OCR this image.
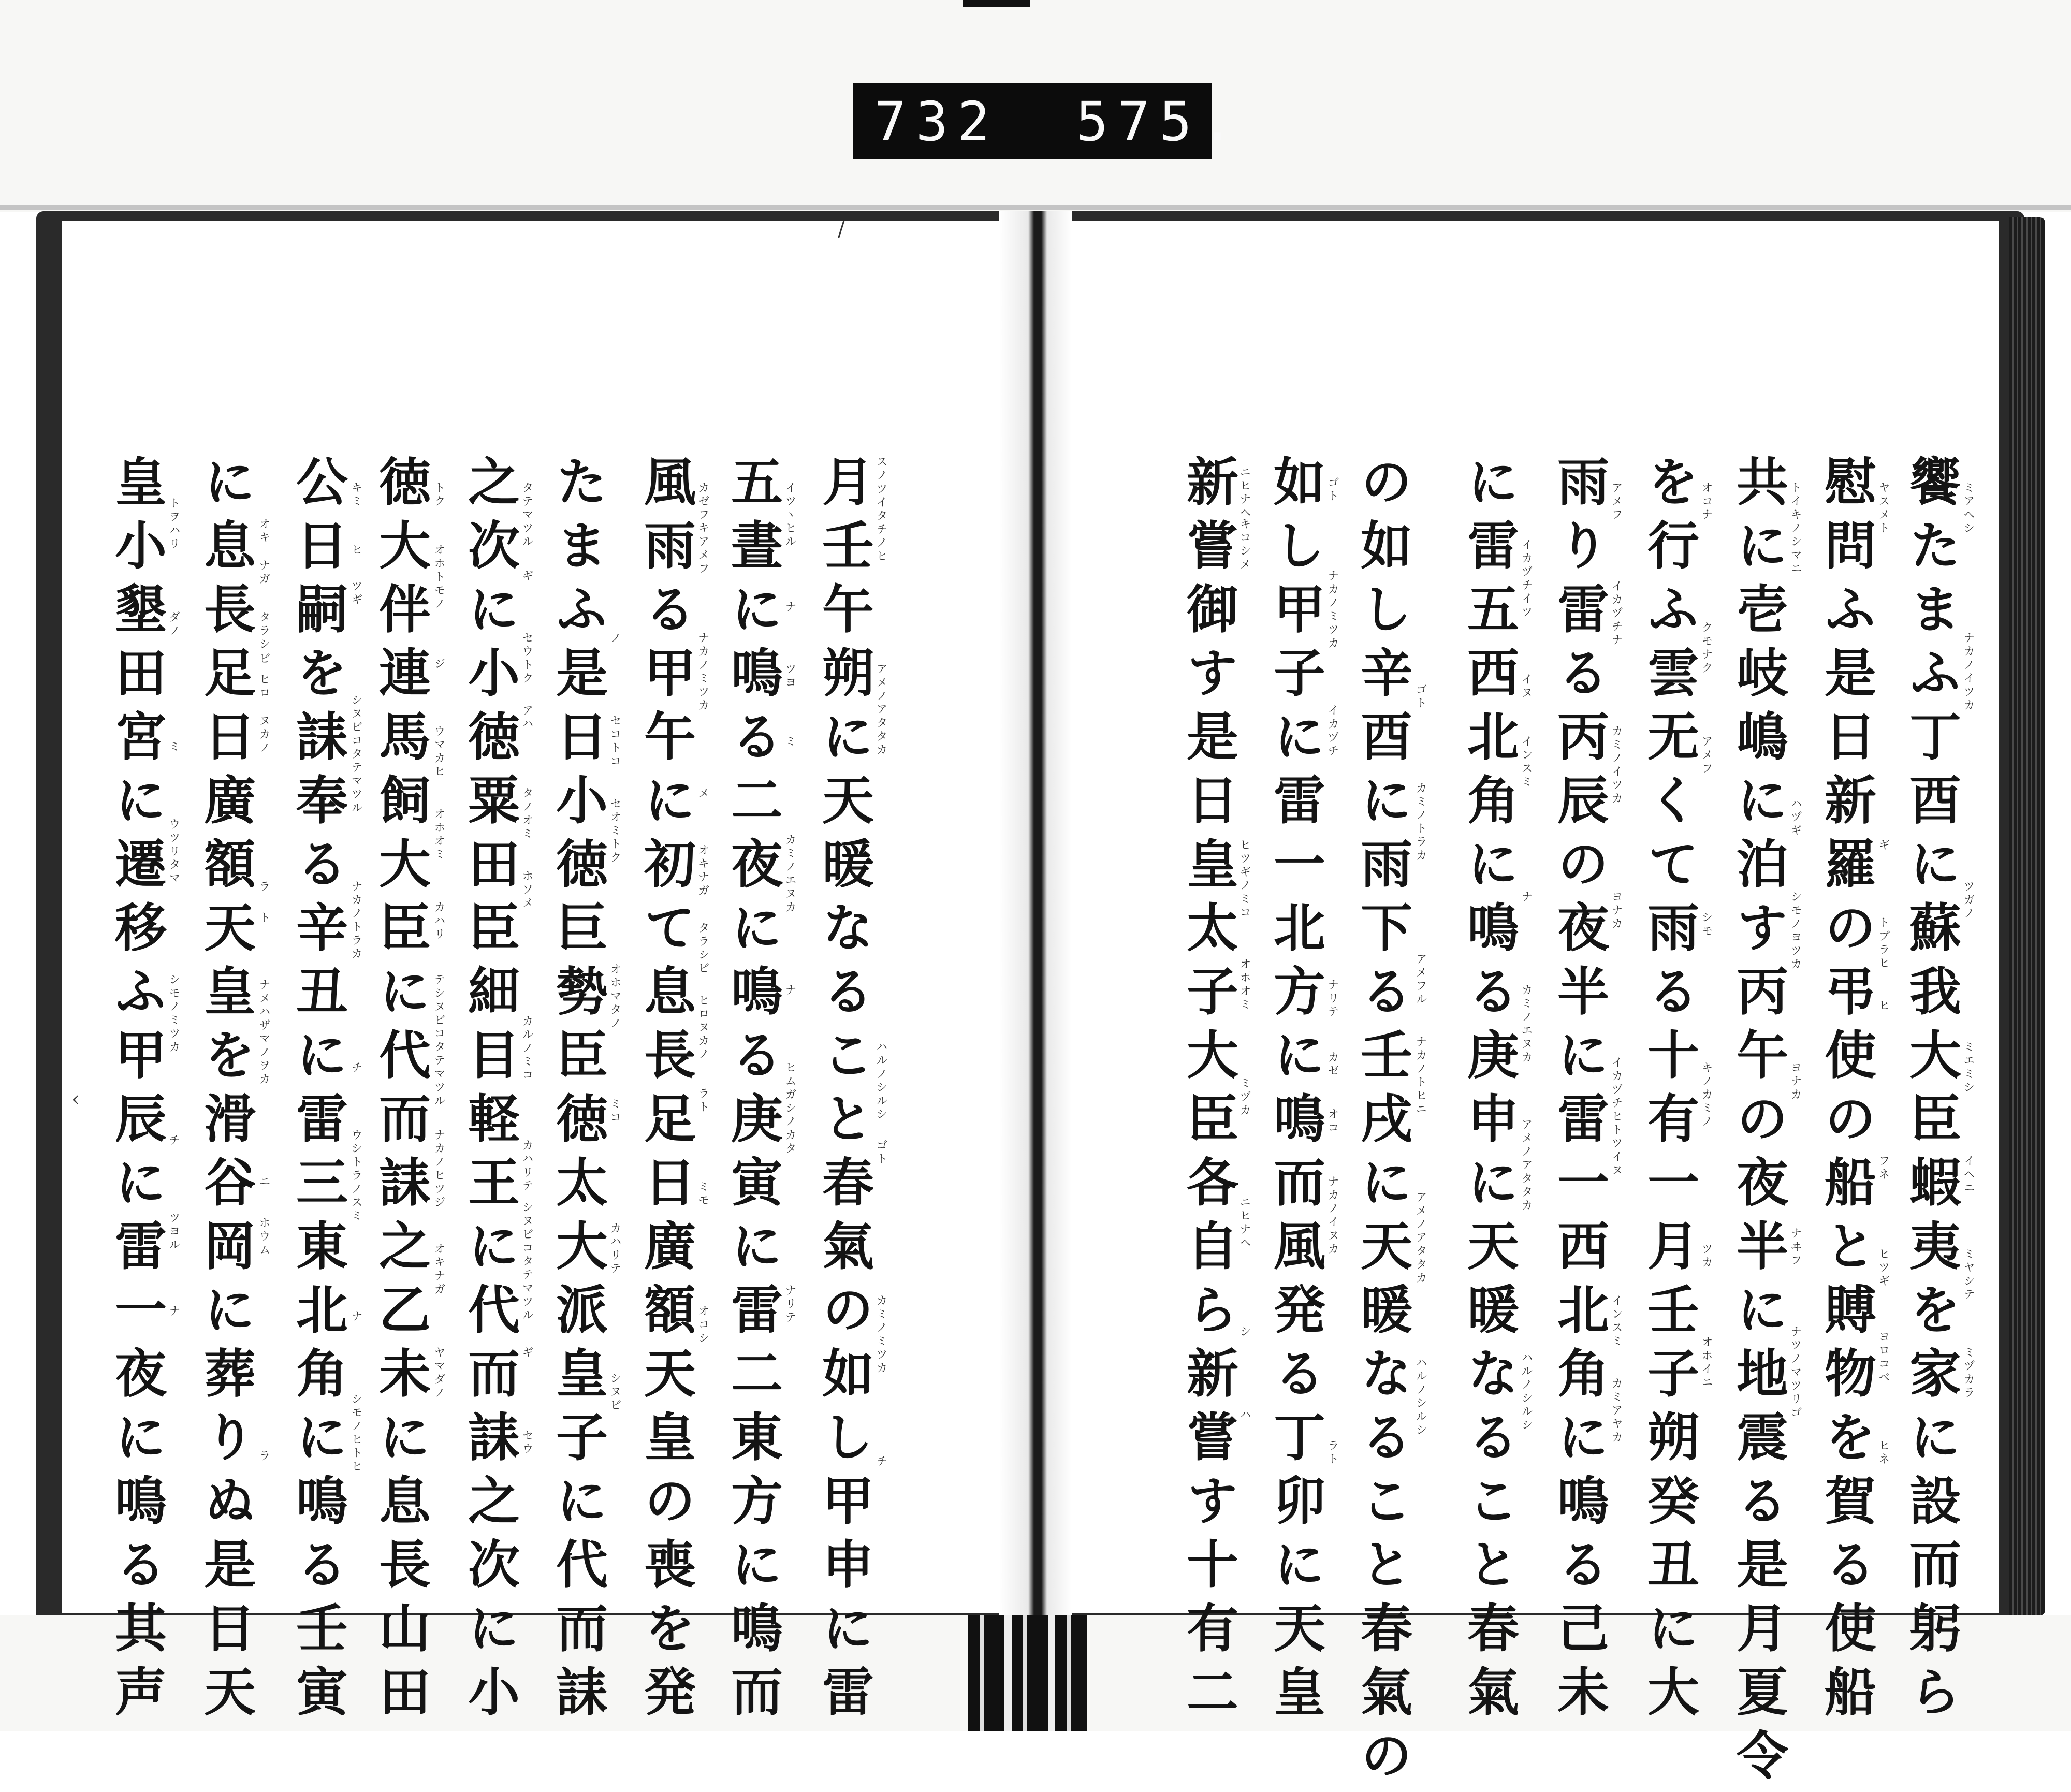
732 575.
饗たまふ丁酉に蘇我大臣蝦夷を家に設而躬ら
慰問ふ是日新羅の弔使の船と賻物を賀る使船
共に壱岐嶋に泊す丙午の夜半に地震る是月夏令
を行ふ雲无くて雨る十有一月壬子朔癸丑に大
雨り雷る丙辰の夜半に雷一西北角に鳴る己未
に雷五西北角に鳴る庚申に天暖なること春氣
の如し辛酉に雨下る壬戌に天暖なること春氣の
如し甲子に雷一北方に鳴而風発る丁卯に天皇
新嘗御す是日皇太子大臣各自ら新嘗す十有二
月壬午朔に天暖なること春氣の如し甲申に雷
五晝に鳴る二夜に鳴る庚寅に雷二東方に鳴而
風雨る甲午に初て息長足日廣額天皇の喪を発
たまふ是日小徳巨勢臣徳太大派皇子に代而誄
之次に小徳粟田臣細目軽王に代而誄之次に小
徳大伴連馬飼大臣に代而誄之乙未に息長山田
公日嗣を誄奉る辛丑に雷三東北角に鳴る壬寅
に息長足日廣額天皇を滑谷岡に葬りぬ是日天
皇小墾田宮に遷移ふ甲辰に雷一夜に鳴る其声	ミアヘシ
ナカノイツカ
ツガノ
ミエミシ
イヘニ
ミヤシテ
ミヅカラ
ヤスメト
ギ
トブラヒ
ヒ
フネ
ヒツギ
ヨロコベ
ヒネ
トイキノシマニ
ハヅギ
シモノヨツカ
ヨナカ
ナヰフ
ナツノマツリゴ
オコナ
クモナク
アメフ
シモ
キノカミノ
ツカ
オホイニ
アメフ
イカヅチナ
カミノイツカ
ヨナカ
イカヅチヒトツイヌ
インスミ
カミアヤカ
イカヅチイツ
イヌ
インスミ
ナ
カミノエヌカ
アメノアタタカ
ハルノシルシ
ゴト
カミノトラカ
アメフル
ナカノトヒニ
アメノアタタカ
ハルノシルシ
ゴト
ナカノミツカ
イカヅチ
ナリテ
カゼ
オコ
ナカノイヌカ
ラト
ニヒナヘ
キコシメ
ヒツギノミコ
オホオミ
ミヅカ
ニヒナヘ
シ
ハ
スノツイタチノヒ
アメノアタタカ
ハルノシルシ
ゴト
カミノミツカ
チ
イツヽヒル
ナ
ツヨ
ミ
カミノエヌカ
ナ
ヒムガシノカタ
ナリテ
カゼフキアメフ
ナカノミツカ
メ
オキナガ
タラシビ
ヒロヌカノ
ラト
ミモ
オコシ
ノ
セコトコ
セオミトク
オホマタノ
ミコ
カハリテ
シヌビ
タテマツル
ギ
セウトク
アハ
タノオミ
ホソメ
カルノミコ
カハリテ
シヌビコタテマツル
ギ
セウ
トク
オホトモノ
ジ
ウマカヒ
オホオミ
カハリ
テシヌビコタテマツル
ナカノヒツジ
オキナガ
ヤマダノ
キミ
ヒ
ツギ
シヌビコタテマツル
ナカノトラカ
チ
ウシトラノスミ
ナ
シモノヒトヒ
オキ
ナガ
タラシ
ビ
ヒロ
ヌカノ
ラ
ト
ナメハザマノヲカ
ニ
ホウム
ラ
トヲハリ
ダノ
ミ
ウツリタマ
シモノミツカ
チ
ツヨル
ナ
/
‹
